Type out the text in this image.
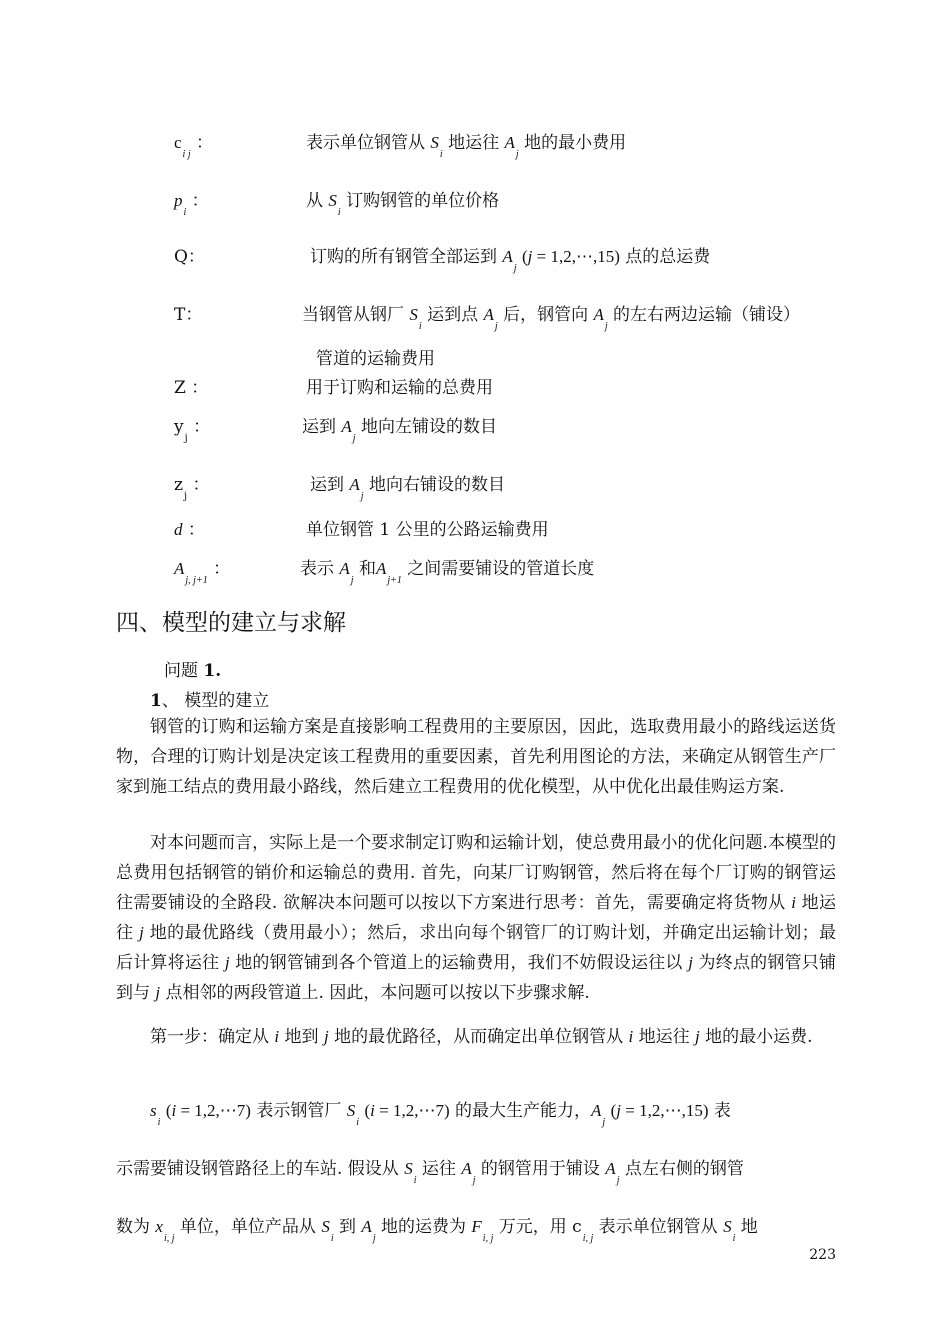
$c_{i j}$ ：	表示单位钢管从 $S_i$ 地运往 $A_j$ 地的最小费用
$p_i$ ：	从 $S_i$ 订购钢管的单位价格
Q：	订购的所有钢管全部运到 $A_j$ (j = 1,2,⋯,15) 点的总运费
T：	当钢管从钢厂 $S_i$ 运到点 $A_j$ 后，钢管向 $A_j$ 的左右两边运输（铺设）
管道的运输费用
Z ：	用于订购和运输的总费用
$y_j$ ：	运到 $A_j$ 地向左铺设的数目
$z_j$ ：	运到 $A_j$ 地向右铺设的数目
d ：	单位钢管 1 公里的公路运输费用
$A_{j, j+1}$ ：	表示 $A_j$ 和$A_{j+1}$ 之间需要铺设的管道长度
四、模型的建立与求解
问题 1.
1、 模型的建立
钢管的订购和运输方案是直接影响工程费用的主要原因，因此，选取费用最小的路线运送货物，合理的订购计划是决定该工程费用的重要因素，首先利用图论的方法，来确定从钢管生产厂家到施工结点的费用最小路线，然后建立工程费用的优化模型，从中优化出最佳购运方案.
对本问题而言，实际上是一个要求制定订购和运输计划，使总费用最小的优化问题.本模型的总费用包括钢管的销价和运输总的费用. 首先，向某厂订购钢管，然后将在每个厂订购的钢管运往需要铺设的全路段. 欲解决本问题可以按以下方案进行思考：首先，需要确定将货物从 i 地运往 j 地的最优路线（费用最小）；然后，求出向每个钢管厂的订购计划，并确定出运输计划；最后计算将运往 j 地的钢管铺到各个管道上的运输费用，我们不妨假设运往以 j 为终点的钢管只铺到与 j 点相邻的两段管道上. 因此，本问题可以按以下步骤求解.
第一步：确定从 i 地到 j 地的最优路径，从而确定出单位钢管从 i 地运往 j 地的最小运费.
$s_i$ (i = 1,2,⋯7) 表示钢管厂 $S_i$ (i = 1,2,⋯7) 的最大生产能力，$A_j$ (j = 1,2,⋯,15) 表
示需要铺设钢管路径上的车站. 假设从 $S_i$ 运往 $A_j$ 的钢管用于铺设 $A_j$ 点左右侧的钢管
数为 $x_{i, j}$ 单位，单位产品从 $S_i$ 到 $A_j$ 地的运费为 $F_{i, j}$ 万元，用 $c_{i, j}$ 表示单位钢管从 $S_i$ 地
223
